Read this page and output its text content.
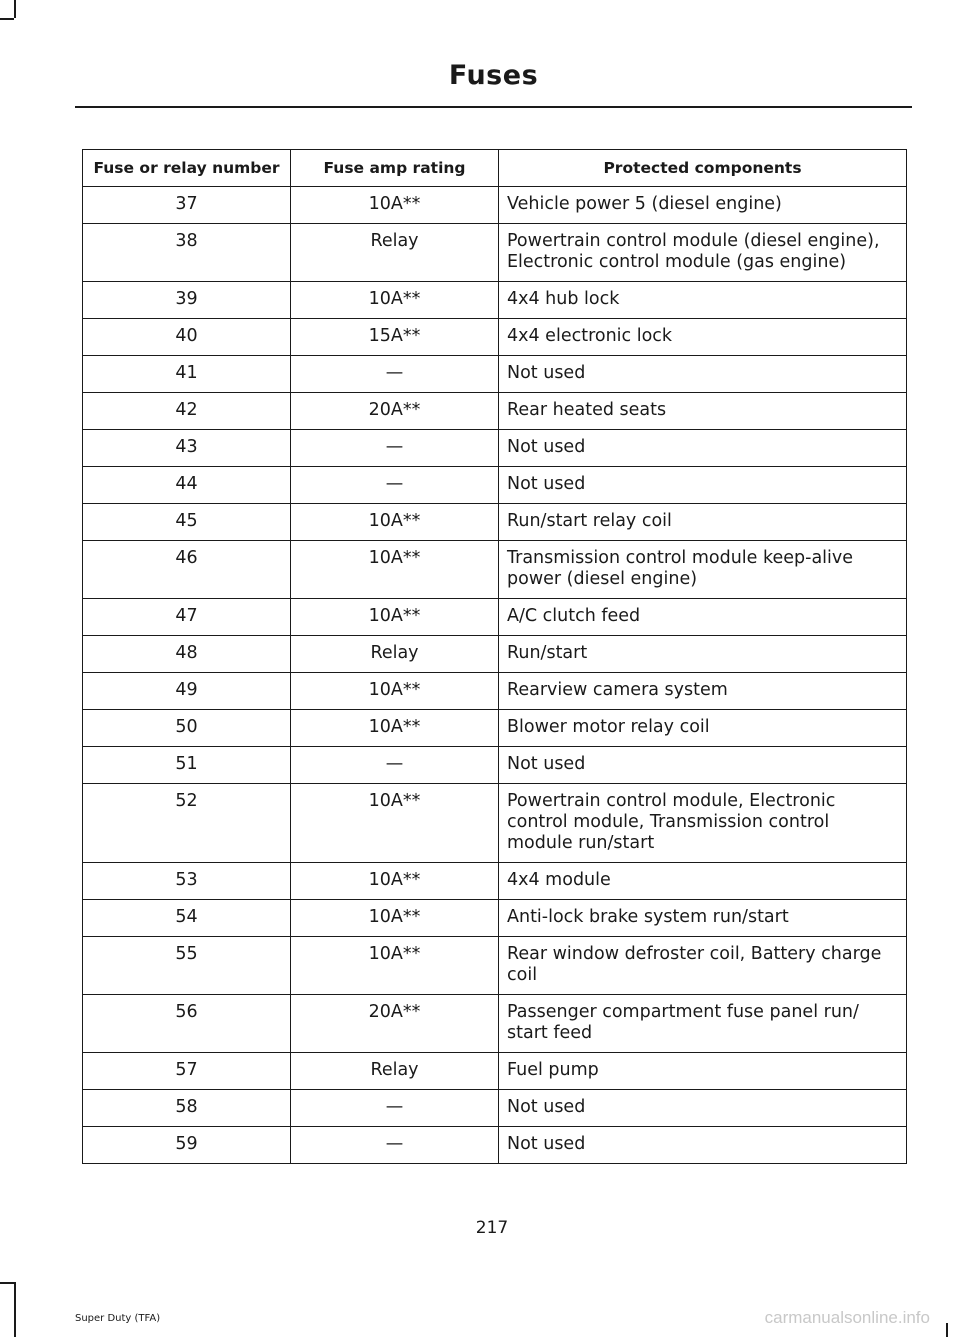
Fuses
Fuse or relay number	Fuse amp rating	Protected components
37	10A**	Vehicle power 5 (diesel engine)
38	Relay	Powertrain control module (diesel engine), Electronic control module (gas engine)
39	10A**	4x4 hub lock
40	15A**	4x4 electronic lock
41	—	Not used
42	20A**	Rear heated seats
43	—	Not used
44	—	Not used
45	10A**	Run/start relay coil
46	10A**	Transmission control module keep-alive power (diesel engine)
47	10A**	A/C clutch feed
48	Relay	Run/start
49	10A**	Rearview camera system
50	10A**	Blower motor relay coil
51	—	Not used
52	10A**	Powertrain control module, Electronic control module, Transmission control module run/start
53	10A**	4x4 module
54	10A**	Anti-lock brake system run/start
55	10A**	Rear window defroster coil, Battery charge coil
56	20A**	Passenger compartment fuse panel run/ start feed
57	Relay	Fuel pump
58	—	Not used
59	—	Not used
217
Super Duty (TFA)	carmanualsonline.info
